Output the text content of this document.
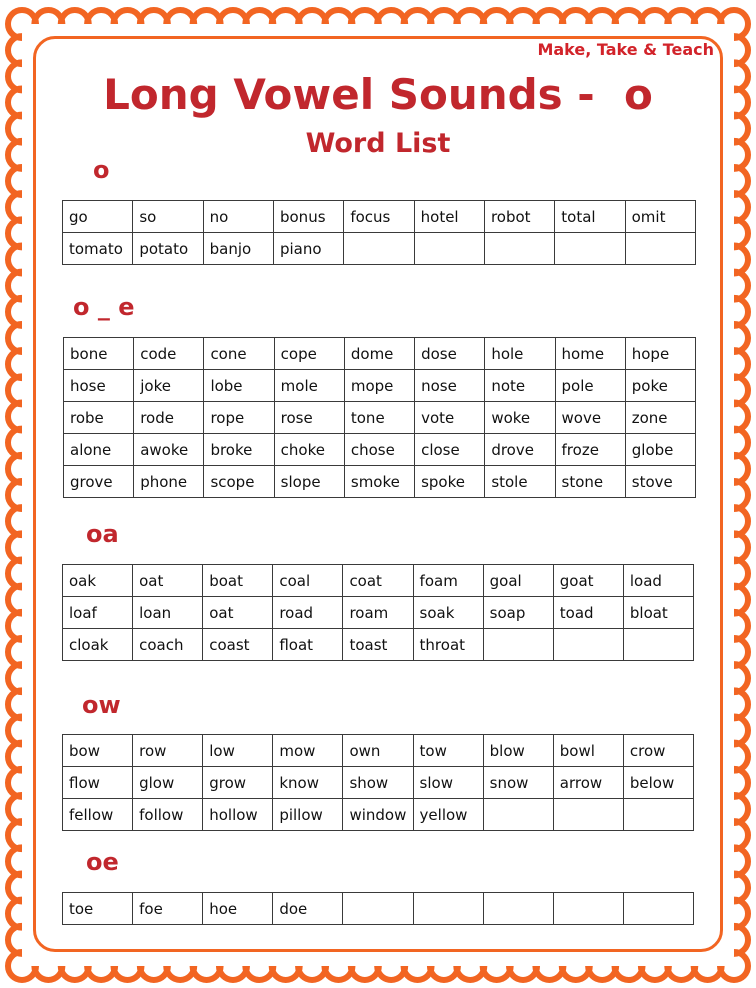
Make, Take & Teach
Long Vowel Sounds -  o
Word List
o
go	so	no	bonus	focus	hotel	robot	total	omit
tomato	potato	banjo	piano					
o _ e
bone	code	cone	cope	dome	dose	hole	home	hope
hose	joke	lobe	mole	mope	nose	note	pole	poke
robe	rode	rope	rose	tone	vote	woke	wove	zone
alone	awoke	broke	choke	chose	close	drove	froze	globe
grove	phone	scope	slope	smoke	spoke	stole	stone	stove
oa
oak	oat	boat	coal	coat	foam	goal	goat	load
loaf	loan	oat	road	roam	soak	soap	toad	bloat
cloak	coach	coast	float	toast	throat			
ow
bow	row	low	mow	own	tow	blow	bowl	crow
flow	glow	grow	know	show	slow	snow	arrow	below
fellow	follow	hollow	pillow	window	yellow			
oe
toe	foe	hoe	doe					
